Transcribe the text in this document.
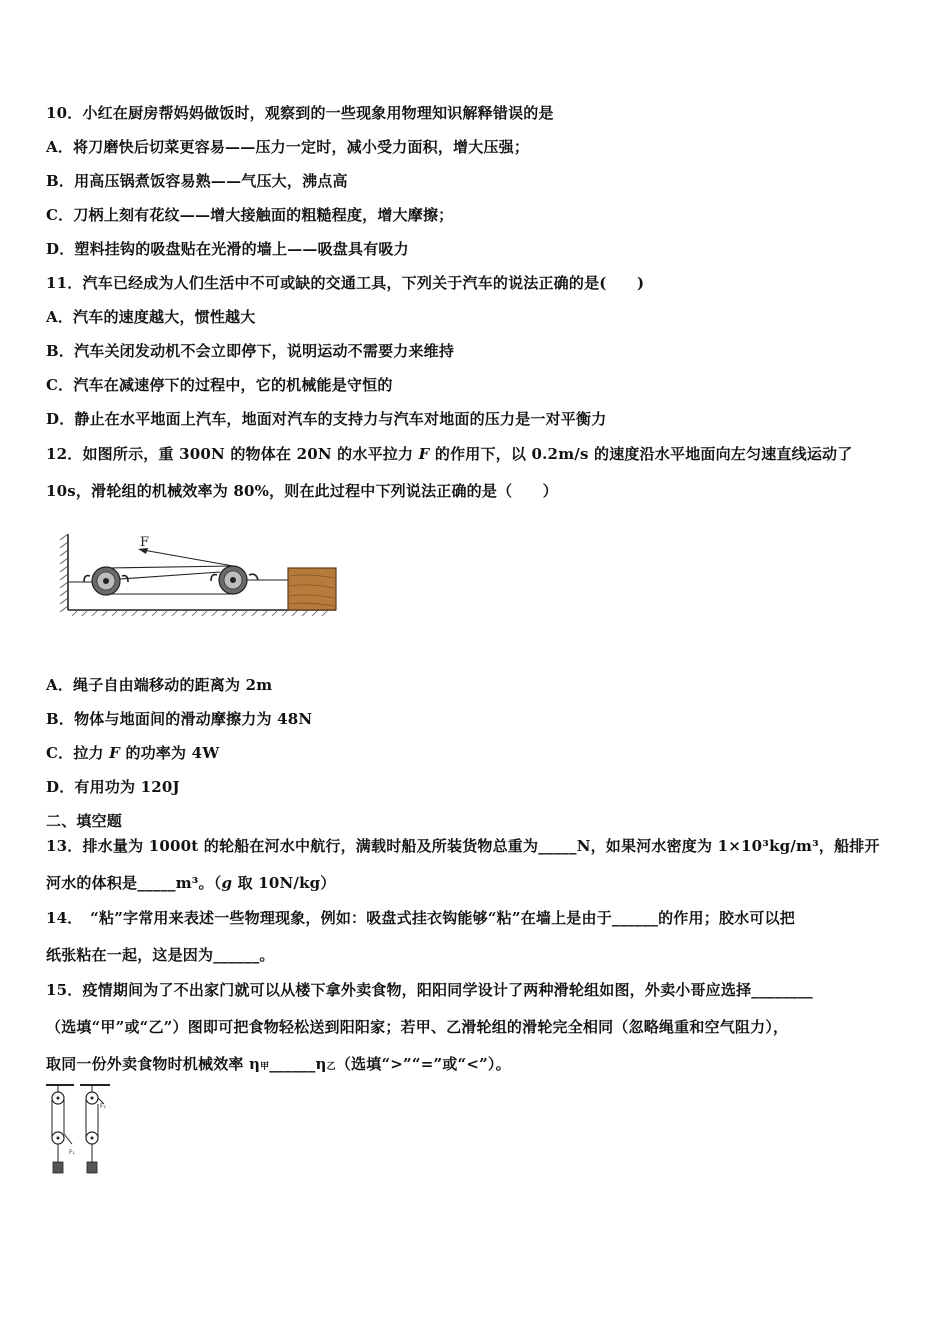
10．小红在厨房帮妈妈做饭时，观察到的一些现象用物理知识解释错误的是
A．将刀磨快后切菜更容易——压力一定时，减小受力面积，增大压强；
B．用高压锅煮饭容易熟——气压大，沸点高
C．刀柄上刻有花纹——增大接触面的粗糙程度，增大摩擦；
D．塑料挂钩的吸盘贴在光滑的墙上——吸盘具有吸力
11．汽车已经成为人们生活中不可或缺的交通工具，下列关于汽车的说法正确的是(　　)
A．汽车的速度越大，惯性越大
B．汽车关闭发动机不会立即停下，说明运动不需要力来维持
C．汽车在减速停下的过程中，它的机械能是守恒的
D．静止在水平地面上汽车，地面对汽车的支持力与汽车对地面的压力是一对平衡力
12．如图所示，重 300N 的物体在 20N 的水平拉力 F 的作用下，以 0.2m/s 的速度沿水平地面向左匀速直线运动了
10s，滑轮组的机械效率为 80%，则在此过程中下列说法正确的是（　　）
F
A．绳子自由端移动的距离为 2m
B．物体与地面间的滑动摩擦力为 48N
C．拉力 F 的功率为 4W
D．有用功为 120J
二、填空题
13．排水量为 1000t 的轮船在河水中航行，满载时船及所装货物总重为_____N，如果河水密度为 1×10³kg/m³，船排开
河水的体积是_____m³。（g 取 10N/kg）
14．　“粘”字常用来表述一些物理现象，例如：吸盘式挂衣钩能够“粘”在墙上是由于______的作用；胶水可以把
纸张粘在一起，这是因为______。
15．疫情期间为了不出家门就可以从楼下拿外卖食物，阳阳同学设计了两种滑轮组如图，外卖小哥应选择________
（选填“甲”或“乙”）图即可把食物轻松送到阳阳家；若甲、乙滑轮组的滑轮完全相同（忽略绳重和空气阻力），
取同一份外卖食物时机械效率 η甲______η乙（选填“>”“=”或“<”）。
F₁
F₂
